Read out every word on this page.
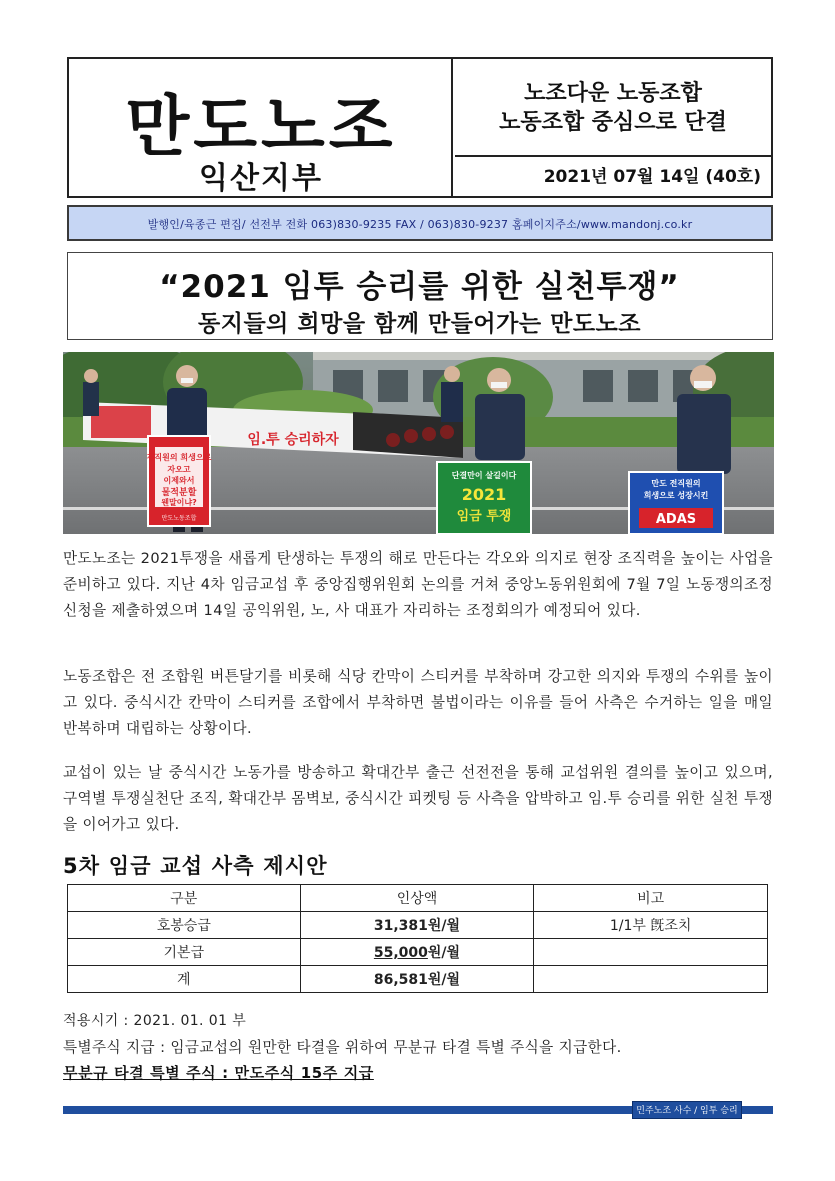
만도노조
익산지부
노조다운 노동조합
노동조합 중심으로 단결
2021년 07월 14일 (40호)
발행인/육종근 편집/ 선전부 전화 063)830-9235 FAX / 063)830-9237 홈페이지주소/www.mandonj.co.kr
“2021 임투 승리를 위한 실천투쟁”
동지들의 희망을 함께 만들어가는 만도노조
임.투 승리하자
전직원의 희생으로
자오고
이제와서
물적분할
웬말이냐?
만도노동조합
단결만이 살길이다
2021
임금 투쟁
만도 전직원의
희생으로 성장시킨
ADAS
만도노조는 2021투쟁을 새롭게 탄생하는 투쟁의 해로 만든다는 각오와 의지로 현장 조직력을 높이는 사업을 준비하고 있다. 지난 4차 임금교섭 후 중앙집행위원회 논의를 거쳐 중앙노동위원회에 7월 7일 노동쟁의조정 신청을 제출하였으며 14일 공익위원, 노, 사 대표가 자리하는 조정회의가 예정되어 있다.
노동조합은 전 조합원 버튼달기를 비롯해 식당 칸막이 스티커를 부착하며 강고한 의지와 투쟁의 수위를 높이고 있다. 중식시간 칸막이 스티커를 조합에서 부착하면 불법이라는 이유를 들어 사측은 수거하는 일을 매일 반복하며 대립하는 상황이다.
교섭이 있는 날 중식시간 노동가를 방송하고 확대간부 출근 선전전을 통해 교섭위원 결의를 높이고 있으며, 구역별 투쟁실천단 조직, 확대간부 몸벽보, 중식시간 피켓팅 등 사측을 압박하고 임.투 승리를 위한 실천 투쟁을 이어가고 있다.
5차 임금 교섭 사측 제시안
구분	인상액	비고
호봉승급	31,381원/월	1/1부 旣조치
기본급	55,000원/월	
계	86,581원/월	
적용시기 : 2021. 01. 01 부
특별주식 지급 : 임금교섭의 원만한 타결을 위하여 무분규 타결 특별 주식을 지급한다.
무분규 타결 특별 주식 : 만도주식 15주 지급
민주노조 사수 / 임투 승리
